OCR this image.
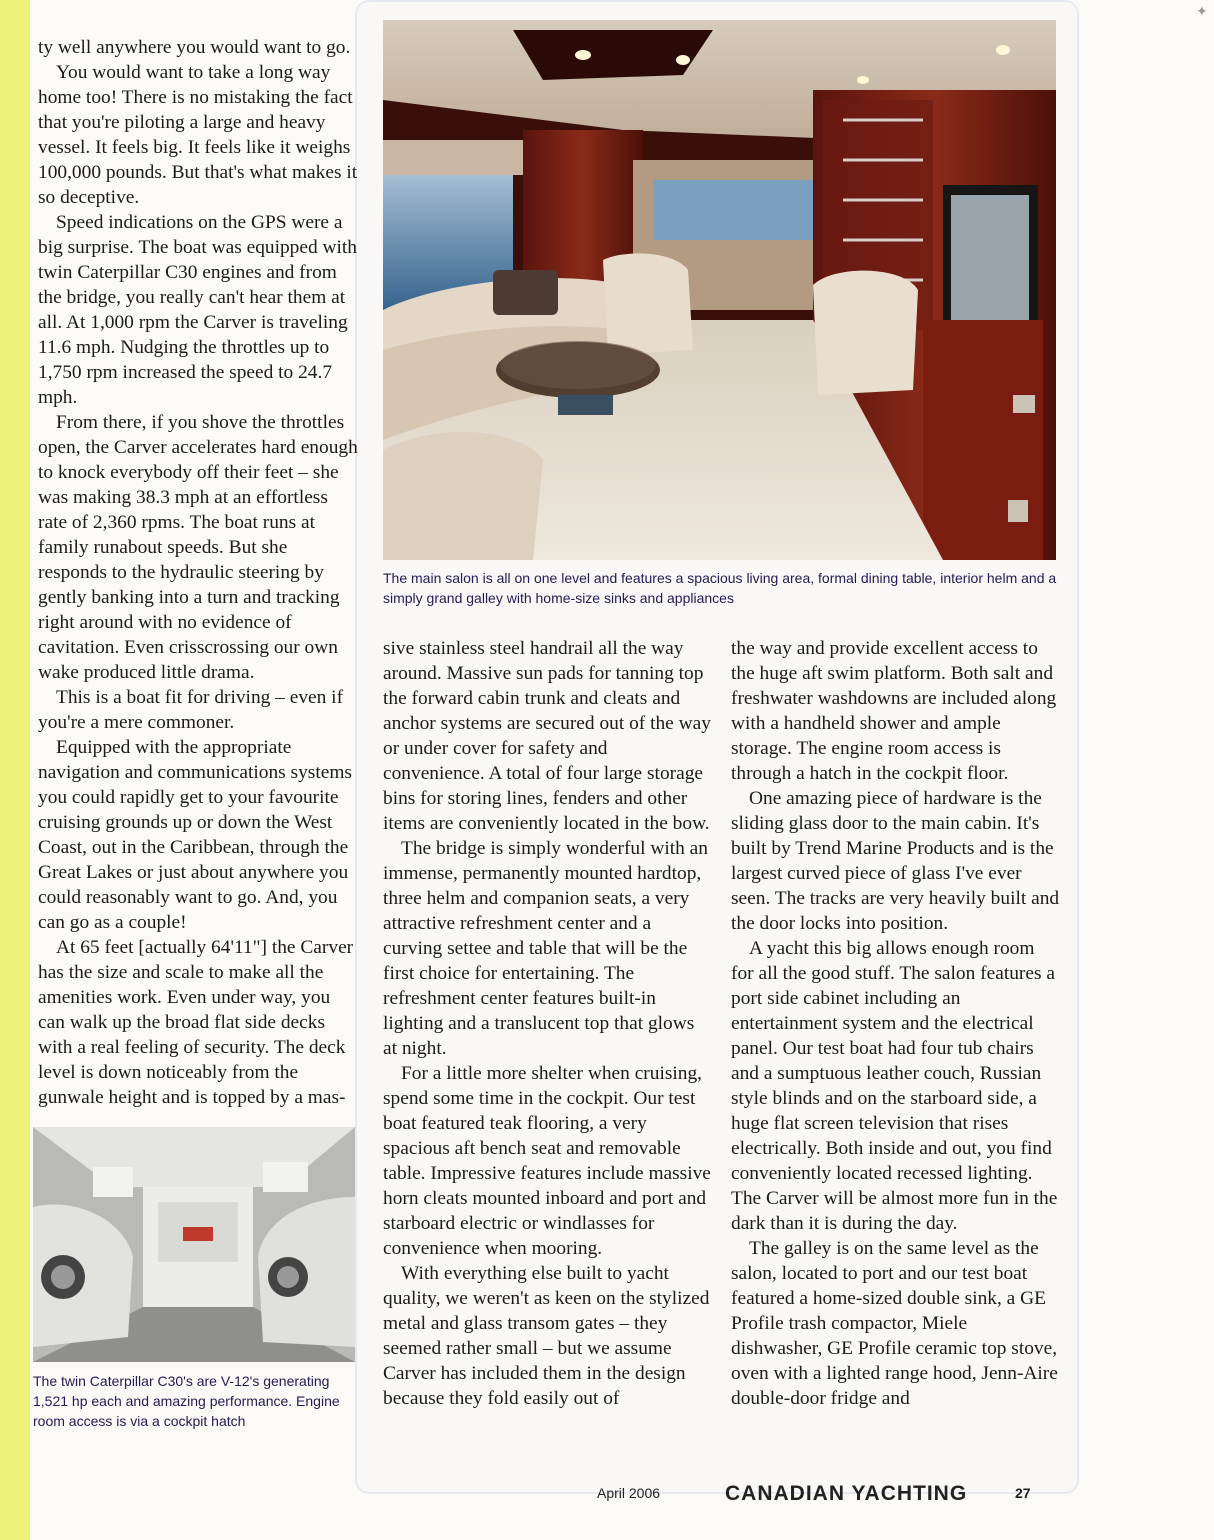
✦

ty well anywhere you would want to go.

You would want to take a long way home too! There is no mistaking the fact that you're piloting a large and heavy vessel. It feels big. It feels like it weighs 100,000 pounds. But that's what makes it so deceptive.

Speed indications on the GPS were a big surprise. The boat was equipped with twin Caterpillar C30 engines and from the bridge, you really can't hear them at all. At 1,000 rpm the Carver is traveling 11.6 mph. Nudging the throttles up to 1,750 rpm increased the speed to 24.7 mph.

From there, if you shove the throttles open, the Carver accelerates hard enough to knock everybody off their feet – she was making 38.3 mph at an effortless rate of 2,360 rpms. The boat runs at family runabout speeds. But she responds to the hydraulic steering by gently banking into a turn and tracking right around with no evidence of cavitation. Even crisscrossing our own wake produced little drama.

This is a boat fit for driving – even if you're a mere commoner.

Equipped with the appropriate navigation and communications systems you could rapidly get to your favourite cruising grounds up or down the West Coast, out in the Caribbean, through the Great Lakes or just about anywhere you could reasonably want to go. And, you can go as a couple!

At 65 feet [actually 64'11"] the Carver has the size and scale to make all the amenities work. Even under way, you can walk up the broad flat side decks with a real feeling of security. The deck level is down noticeably from the gunwale height and is topped by a mas-

The main salon is all on one level and features a spacious living area, formal dining table, interior helm and a simply grand galley with home-size sinks and appliances
The twin Caterpillar C30's are V-12's generating 1,521 hp each and amazing performance. Engine room access is via a cockpit hatch

sive stainless steel handrail all the way around. Massive sun pads for tanning top the forward cabin trunk and cleats and anchor systems are secured out of the way or under cover for safety and convenience. A total of four large storage bins for storing lines, fenders and other items are conveniently located in the bow.

The bridge is simply wonderful with an immense, permanently mounted hardtop, three helm and companion seats, a very attractive refreshment center and a curving settee and table that will be the first choice for entertaining. The refreshment center features built-in lighting and a translucent top that glows at night.

For a little more shelter when cruising, spend some time in the cockpit. Our test boat featured teak flooring, a very spacious aft bench seat and removable table. Impressive features include massive horn cleats mounted inboard and port and starboard electric or windlasses for convenience when mooring.

With everything else built to yacht quality, we weren't as keen on the stylized metal and glass transom gates – they seemed rather small – but we assume Carver has included them in the design because they fold easily out of

the way and provide excellent access to the huge aft swim platform. Both salt and freshwater washdowns are included along with a handheld shower and ample storage. The engine room access is through a hatch in the cockpit floor.

One amazing piece of hardware is the sliding glass door to the main cabin. It's built by Trend Marine Products and is the largest curved piece of glass I've ever seen. The tracks are very heavily built and the door locks into position.

A yacht this big allows enough room for all the good stuff. The salon features a port side cabinet including an entertainment system and the electrical panel. Our test boat had four tub chairs and a sumptuous leather couch, Russian style blinds and on the starboard side, a huge flat screen television that rises electrically. Both inside and out, you find conveniently located recessed lighting. The Carver will be almost more fun in the dark than it is during the day.

The galley is on the same level as the salon, located to port and our test boat featured a home-sized double sink, a GE Profile trash compactor, Miele dishwasher, GE Profile ceramic top stove, oven with a lighted range hood, Jenn-Aire double-door fridge and

April 2006	CANADIAN YACHTING	27
